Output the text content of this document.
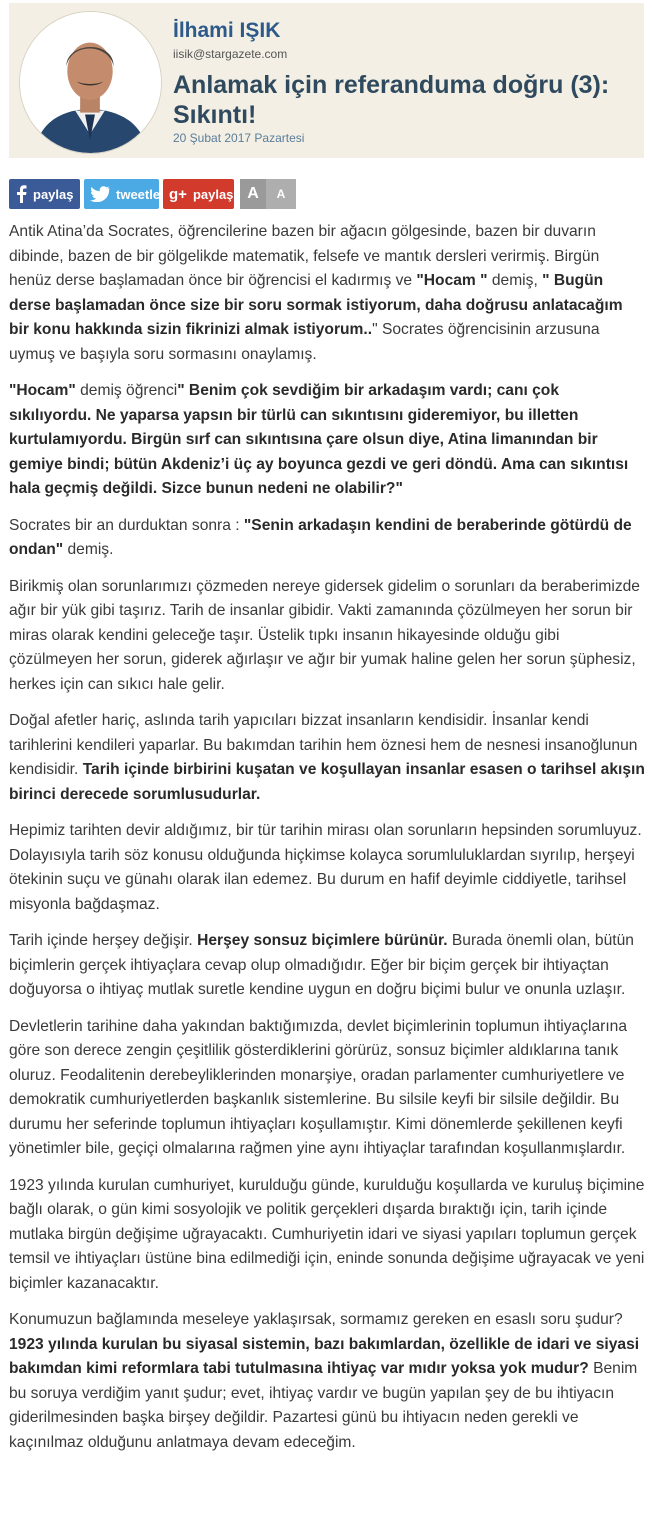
İlhami IŞIK
iisik@stargazete.com
Anlamak için referanduma doğru (3): Sıkıntı!
20 Şubat 2017 Pazartesi
paylaş	tweetle g+ paylaş A	A

Antik Atina’da Socrates, öğrencilerine bazen bir ağacın gölgesinde, bazen bir duvarın dibinde, bazen de bir gölgelikde matematik, felsefe ve mantık dersleri verirmiş. Birgün henüz derse başlamadan önce bir öğrencisi el kadırmış ve "Hocam " demiş, " Bugün derse başlamadan önce size bir soru sormak istiyorum, daha doğrusu anlatacağım bir konu hakkında sizin fikrinizi almak istiyorum.." Socrates öğrencisinin arzusuna uymuş ve başıyla soru sormasını onaylamış.

"Hocam" demiş öğrenci" Benim çok sevdiğim bir arkadaşım vardı; canı çok sıkılıyordu. Ne yaparsa yapsın bir türlü can sıkıntısını gideremiyor, bu illetten kurtulamıyordu. Birgün sırf can sıkıntısına çare olsun diye, Atina limanından bir gemiye bindi; bütün Akdeniz’i üç ay boyunca gezdi ve geri döndü. Ama can sıkıntısı hala geçmiş değildi. Sizce bunun nedeni ne olabilir?"

Socrates bir an durduktan sonra : "Senin arkadaşın kendini de beraberinde götürdü de ondan" demiş.

Birikmiş olan sorunlarımızı çözmeden nereye gidersek gidelim o sorunları da beraberimizde ağır bir yük gibi taşırız. Tarih de insanlar gibidir. Vakti zamanında çözülmeyen her sorun bir miras olarak kendini geleceğe taşır. Üstelik tıpkı insanın hikayesinde olduğu gibi çözülmeyen her sorun, giderek ağırlaşır ve ağır bir yumak haline gelen her sorun şüphesiz, herkes için can sıkıcı hale gelir.

Doğal afetler hariç, aslında tarih yapıcıları bizzat insanların kendisidir. İnsanlar kendi tarihlerini kendileri yaparlar. Bu bakımdan tarihin hem öznesi hem de nesnesi insanoğlunun kendisidir. Tarih içinde birbirini kuşatan ve koşullayan insanlar esasen o tarihsel akışın birinci derecede sorumlusudurlar.

Hepimiz tarihten devir aldığımız, bir tür tarihin mirası olan sorunların hepsinden sorumluyuz. Dolayısıyla tarih söz konusu olduğunda hiçkimse kolayca sorumluluklardan sıyrılıp, herşeyi ötekinin suçu ve günahı olarak ilan edemez. Bu durum en hafif deyimle ciddiyetle, tarihsel misyonla bağdaşmaz.

Tarih içinde herşey değişir. Herşey sonsuz biçimlere bürünür. Burada önemli olan, bütün biçimlerin gerçek ihtiyaçlara cevap olup olmadığıdır. Eğer bir biçim gerçek bir ihtiyaçtan doğuyorsa o ihtiyaç mutlak suretle kendine uygun en doğru biçimi bulur ve onunla uzlaşır.

Devletlerin tarihine daha yakından baktığımızda, devlet biçimlerinin toplumun ihtiyaçlarına göre son derece zengin çeşitlilik gösterdiklerini görürüz, sonsuz biçimler aldıklarına tanık oluruz. Feodalitenin derebeyliklerinden monarşiye, oradan parlamenter cumhuriyetlere ve demokratik cumhuriyetlerden başkanlık sistemlerine. Bu silsile keyfi bir silsile değildir. Bu durumu her seferinde toplumun ihtiyaçları koşullamıştır. Kimi dönemlerde şekillenen keyfi yönetimler bile, geçiçi olmalarına rağmen yine aynı ihtiyaçlar tarafından koşullanmışlardır.

1923 yılında kurulan cumhuriyet, kurulduğu günde, kurulduğu koşullarda ve kuruluş biçimine bağlı olarak, o gün kimi sosyolojik ve politik gerçekleri dışarda bıraktığı için, tarih içinde mutlaka birgün değişime uğrayacaktı. Cumhuriyetin idari ve siyasi yapıları toplumun gerçek temsil ve ihtiyaçları üstüne bina edilmediği için, eninde sonunda değişime uğrayacak ve yeni biçimler kazanacaktır.

Konumuzun bağlamında meseleye yaklaşırsak, sormamız gereken en esaslı soru şudur? 1923 yılında kurulan bu siyasal sistemin, bazı bakımlardan, özellikle de idari ve siyasi bakımdan kimi reformlara tabi tutulmasına ihtiyaç var mıdır yoksa yok mudur? Benim bu soruya verdiğim yanıt şudur; evet, ihtiyaç vardır ve bugün yapılan şey de bu ihtiyacın giderilmesinden başka birşey değildir. Pazartesi günü bu ihtiyacın neden gerekli ve kaçınılmaz olduğunu anlatmaya devam edeceğim.
